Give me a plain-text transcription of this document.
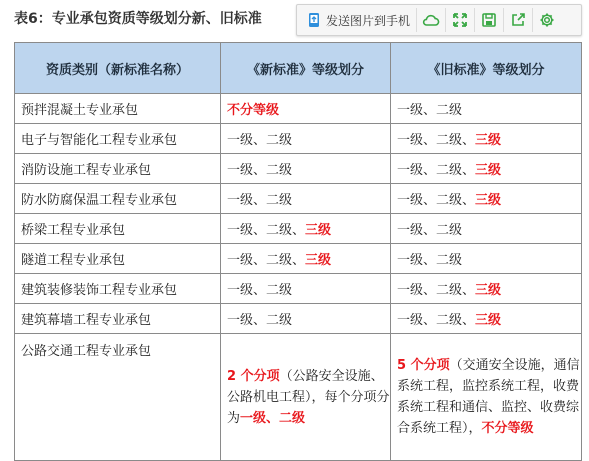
表6：专业承包资质等级划分新、旧标准	发送图片到手机
资质类别（新标准名称）	《新标准》等级划分	《旧标准》等级划分
预拌混凝土专业承包	不分等级	一级、二级
电子与智能化工程专业承包	一级、二级	一级、二级、三级
消防设施工程专业承包	一级、二级	一级、二级、三级
防水防腐保温工程专业承包	一级、二级	一级、二级、三级
桥梁工程专业承包	一级、二级、三级	一级、二级
隧道工程专业承包	一级、二级、三级	一级、二级
建筑装修装饰工程专业承包	一级、二级	一级、二级、三级
建筑幕墙工程专业承包	一级、二级	一级、二级、三级
公路交通工程专业承包	2 个分项（公路安全设施、公路机电工程），每个分项分为一级、二级	5 个分项（交通安全设施，通信系统工程，监控系统工程，收费系统工程和通信、监控、收费综合系统工程），不分等级
